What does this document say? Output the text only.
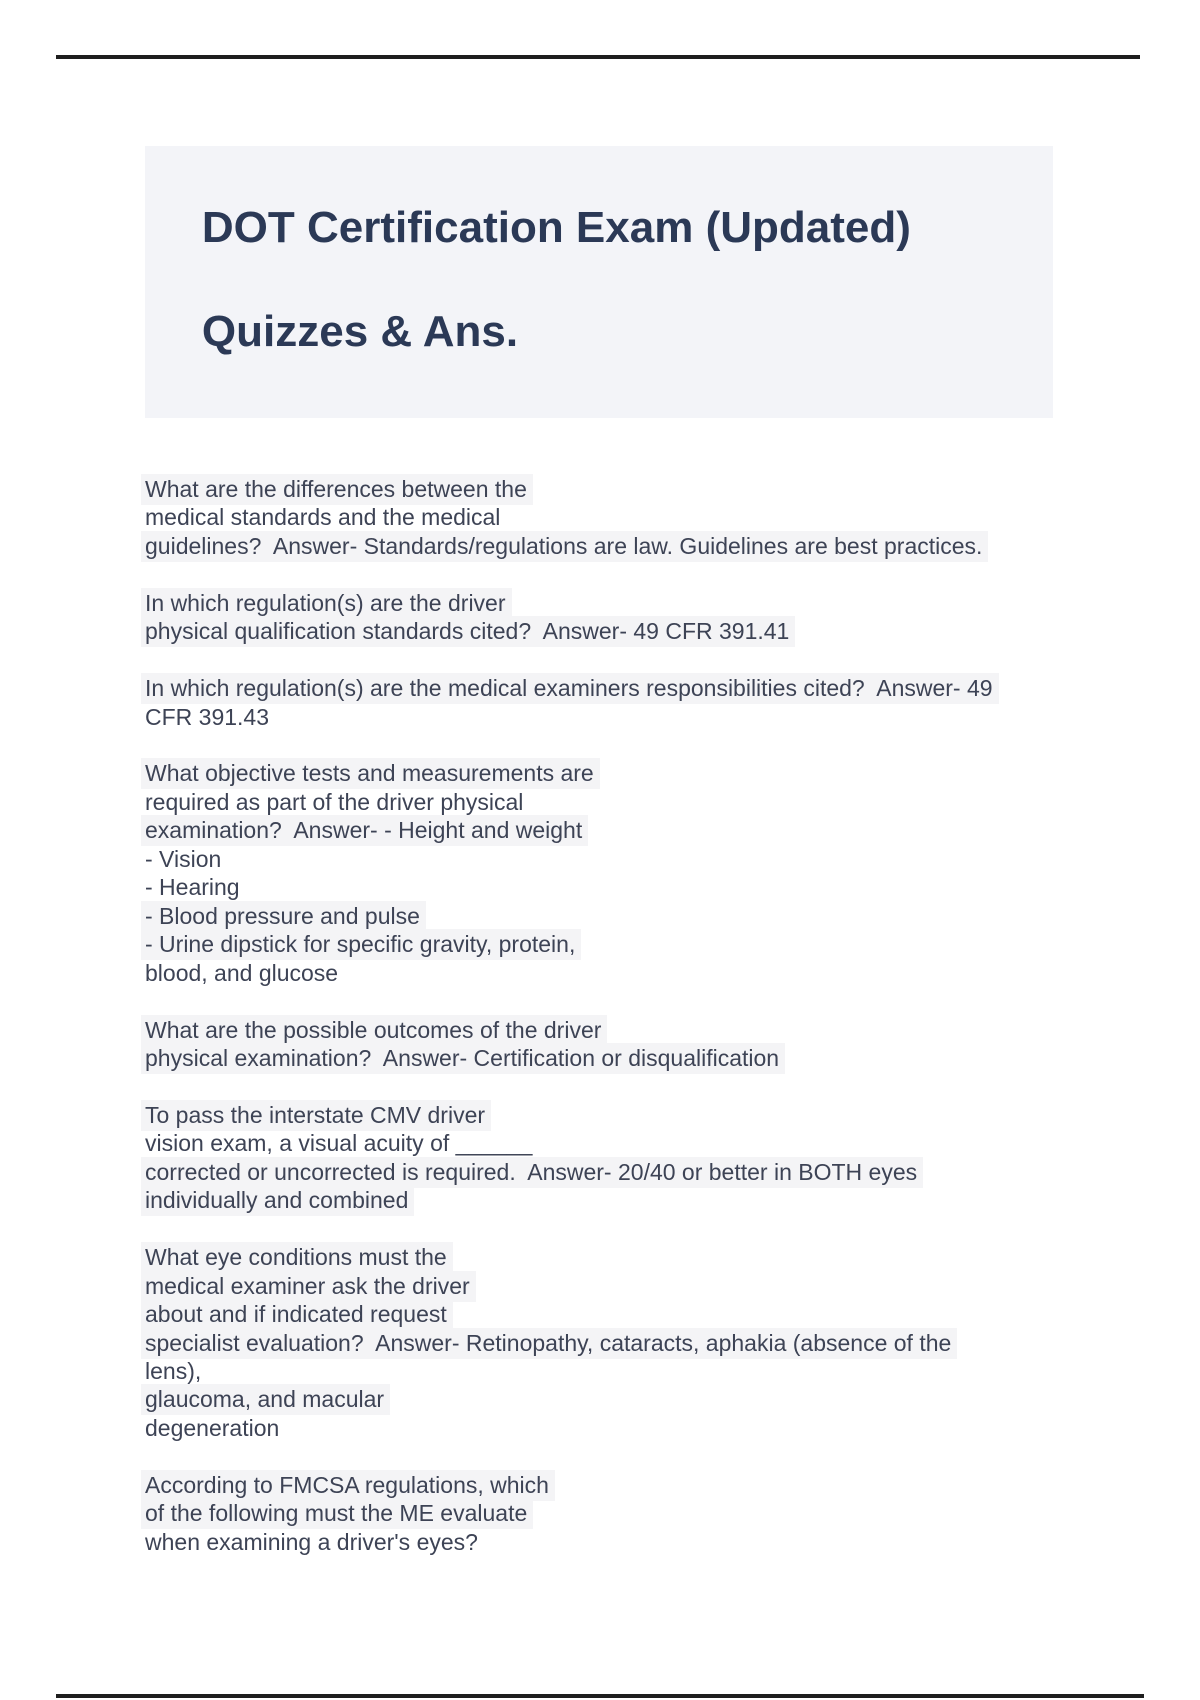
DOT Certification Exam (Updated)

Quizzes & Ans.

What are the differences between the
medical standards and the medical
guidelines?  Answer- Standards/regulations are law. Guidelines are best practices.

In which regulation(s) are the driver
physical qualification standards cited?  Answer- 49 CFR 391.41

In which regulation(s) are the medical examiners responsibilities cited?  Answer- 49
CFR 391.43

What objective tests and measurements are
required as part of the driver physical
examination?  Answer- - Height and weight
- Vision
- Hearing
- Blood pressure and pulse
- Urine dipstick for specific gravity, protein,
blood, and glucose

What are the possible outcomes of the driver
physical examination?  Answer- Certification or disqualification

To pass the interstate CMV driver
vision exam, a visual acuity of ______
corrected or uncorrected is required.  Answer- 20/40 or better in BOTH eyes
individually and combined

What eye conditions must the
medical examiner ask the driver
about and if indicated request
specialist evaluation?  Answer- Retinopathy, cataracts, aphakia (absence of the
lens),
glaucoma, and macular
degeneration

According to FMCSA regulations, which
of the following must the ME evaluate
when examining a driver's eyes?
